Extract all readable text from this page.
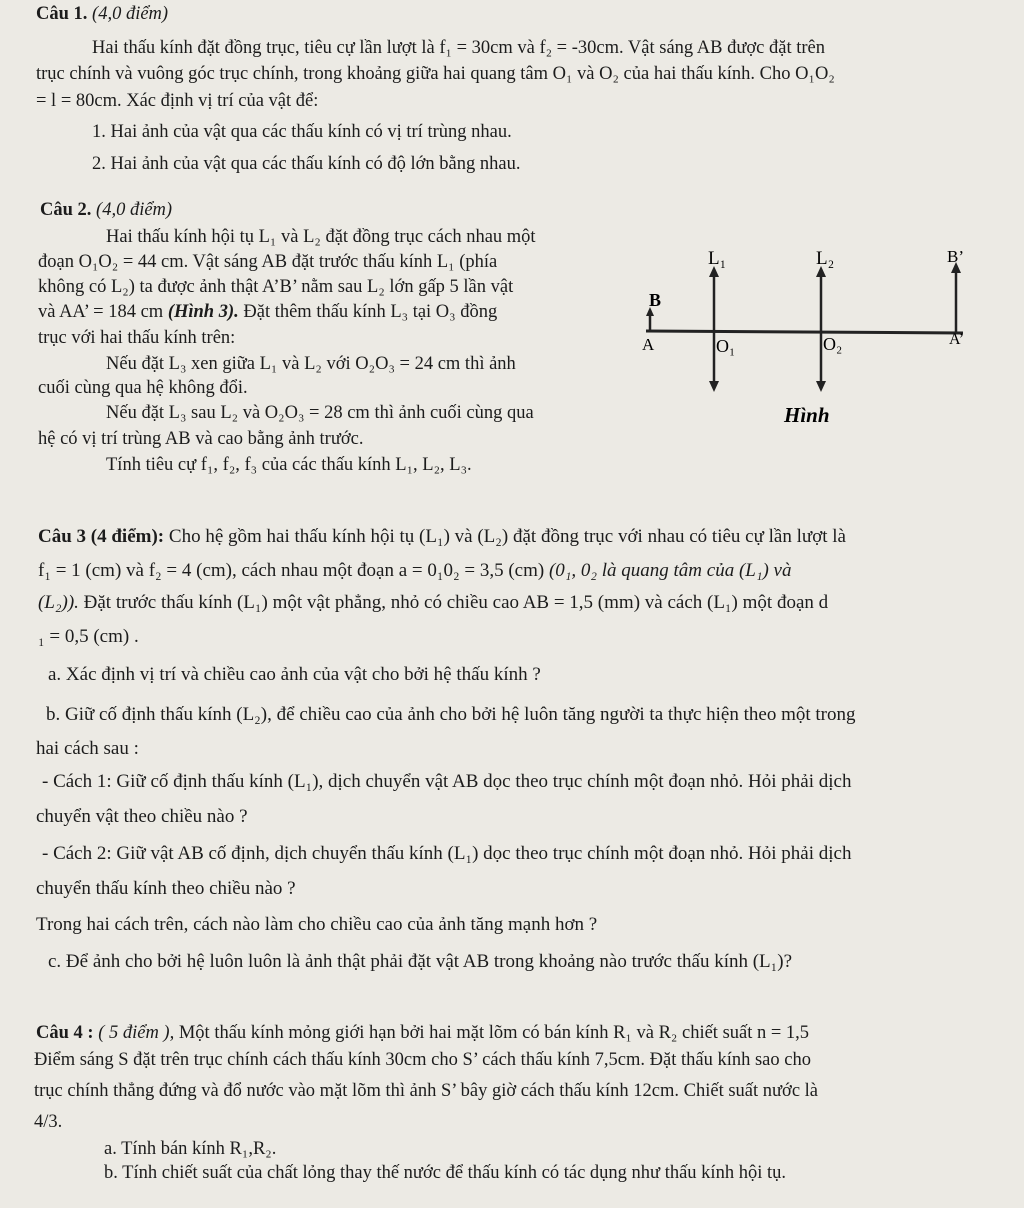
Câu 1. (4,0 điểm)
Hai thấu kính đặt đồng trục, tiêu cự lần lượt là f₁ = 30cm và f₂ = -30cm. Vật sáng AB được đặt trên
trục chính và vuông góc trục chính, trong khoảng giữa hai quang tâm O₁ và O₂ của hai thấu kính. Cho O₁O₂
= l = 80cm. Xác định vị trí của vật để:
1. Hai ảnh của vật qua các thấu kính có vị trí trùng nhau.
2. Hai ảnh của vật qua các thấu kính có độ lớn bằng nhau.
Câu 2. (4,0 điểm)
Hai thấu kính hội tụ L₁ và L₂ đặt đồng trục cách nhau một
đoạn O₁O₂ = 44 cm. Vật sáng AB đặt trước thấu kính L₁ (phía
không có L₂) ta được ảnh thật A’B’ nằm sau L₂ lớn gấp 5 lần vật
và AA’ = 184 cm (Hình 3). Đặt thêm thấu kính L₃ tại O₃ đồng
trục với hai thấu kính trên:
Nếu đặt L₃ xen giữa L₁ và L₂ với O₂O₃ = 24 cm thì ảnh
cuối cùng qua hệ không đổi.
Nếu đặt L₃ sau L₂ và O₂O₃ = 28 cm thì ảnh cuối cùng qua
hệ có vị trí trùng AB và cao bằng ảnh trước.
Tính tiêu cự f₁, f₂, f₃ của các thấu kính L₁, L₂, L₃.
L₁	L₂	B’
B
A	O₁	O₂	A’
Hình
Câu 3 (4 điểm): Cho hệ gồm hai thấu kính hội tụ (L₁) và (L₂) đặt đồng trục với nhau có tiêu cự lần lượt là
f₁ = 1 (cm) và f₂ = 4 (cm), cách nhau một đoạn a = 0₁0₂ = 3,5 (cm) (0₁, 0₂ là quang tâm của (L₁) và
(L₂)). Đặt trước thấu kính (L₁) một vật phẳng, nhỏ có chiều cao AB = 1,5 (mm) và cách (L₁) một đoạn d
₁ = 0,5 (cm) .
a. Xác định vị trí và chiều cao ảnh của vật cho bởi hệ thấu kính ?
b. Giữ cố định thấu kính (L₂), để chiều cao của ảnh cho bởi hệ luôn tăng người ta thực hiện theo một trong
hai cách sau :
- Cách 1: Giữ cố định thấu kính (L₁), dịch chuyển vật AB dọc theo trục chính một đoạn nhỏ. Hỏi phải dịch
chuyển vật theo chiều nào ?
- Cách 2: Giữ vật AB cố định, dịch chuyển thấu kính (L₁) dọc theo trục chính một đoạn nhỏ. Hỏi phải dịch
chuyển thấu kính theo chiều nào ?
Trong hai cách trên, cách nào làm cho chiều cao của ảnh tăng mạnh hơn ?
c. Để ảnh cho bởi hệ luôn luôn là ảnh thật phải đặt vật AB trong khoảng nào trước thấu kính (L₁)?
Câu 4 : ( 5 điểm ), Một thấu kính mỏng giới hạn bởi hai mặt lõm có bán kính R₁ và R₂ chiết suất n = 1,5
Điểm sáng S đặt trên trục chính cách thấu kính 30cm cho S’ cách thấu kính 7,5cm. Đặt thấu kính sao cho
trục chính thẳng đứng và đổ nước vào mặt lõm thì ảnh S’ bây giờ cách thấu kính 12cm. Chiết suất nước là
4/3.
a. Tính bán kính R₁,R₂.
b. Tính chiết suất của chất lỏng thay thế nước để thấu kính có tác dụng như thấu kính hội tụ.
